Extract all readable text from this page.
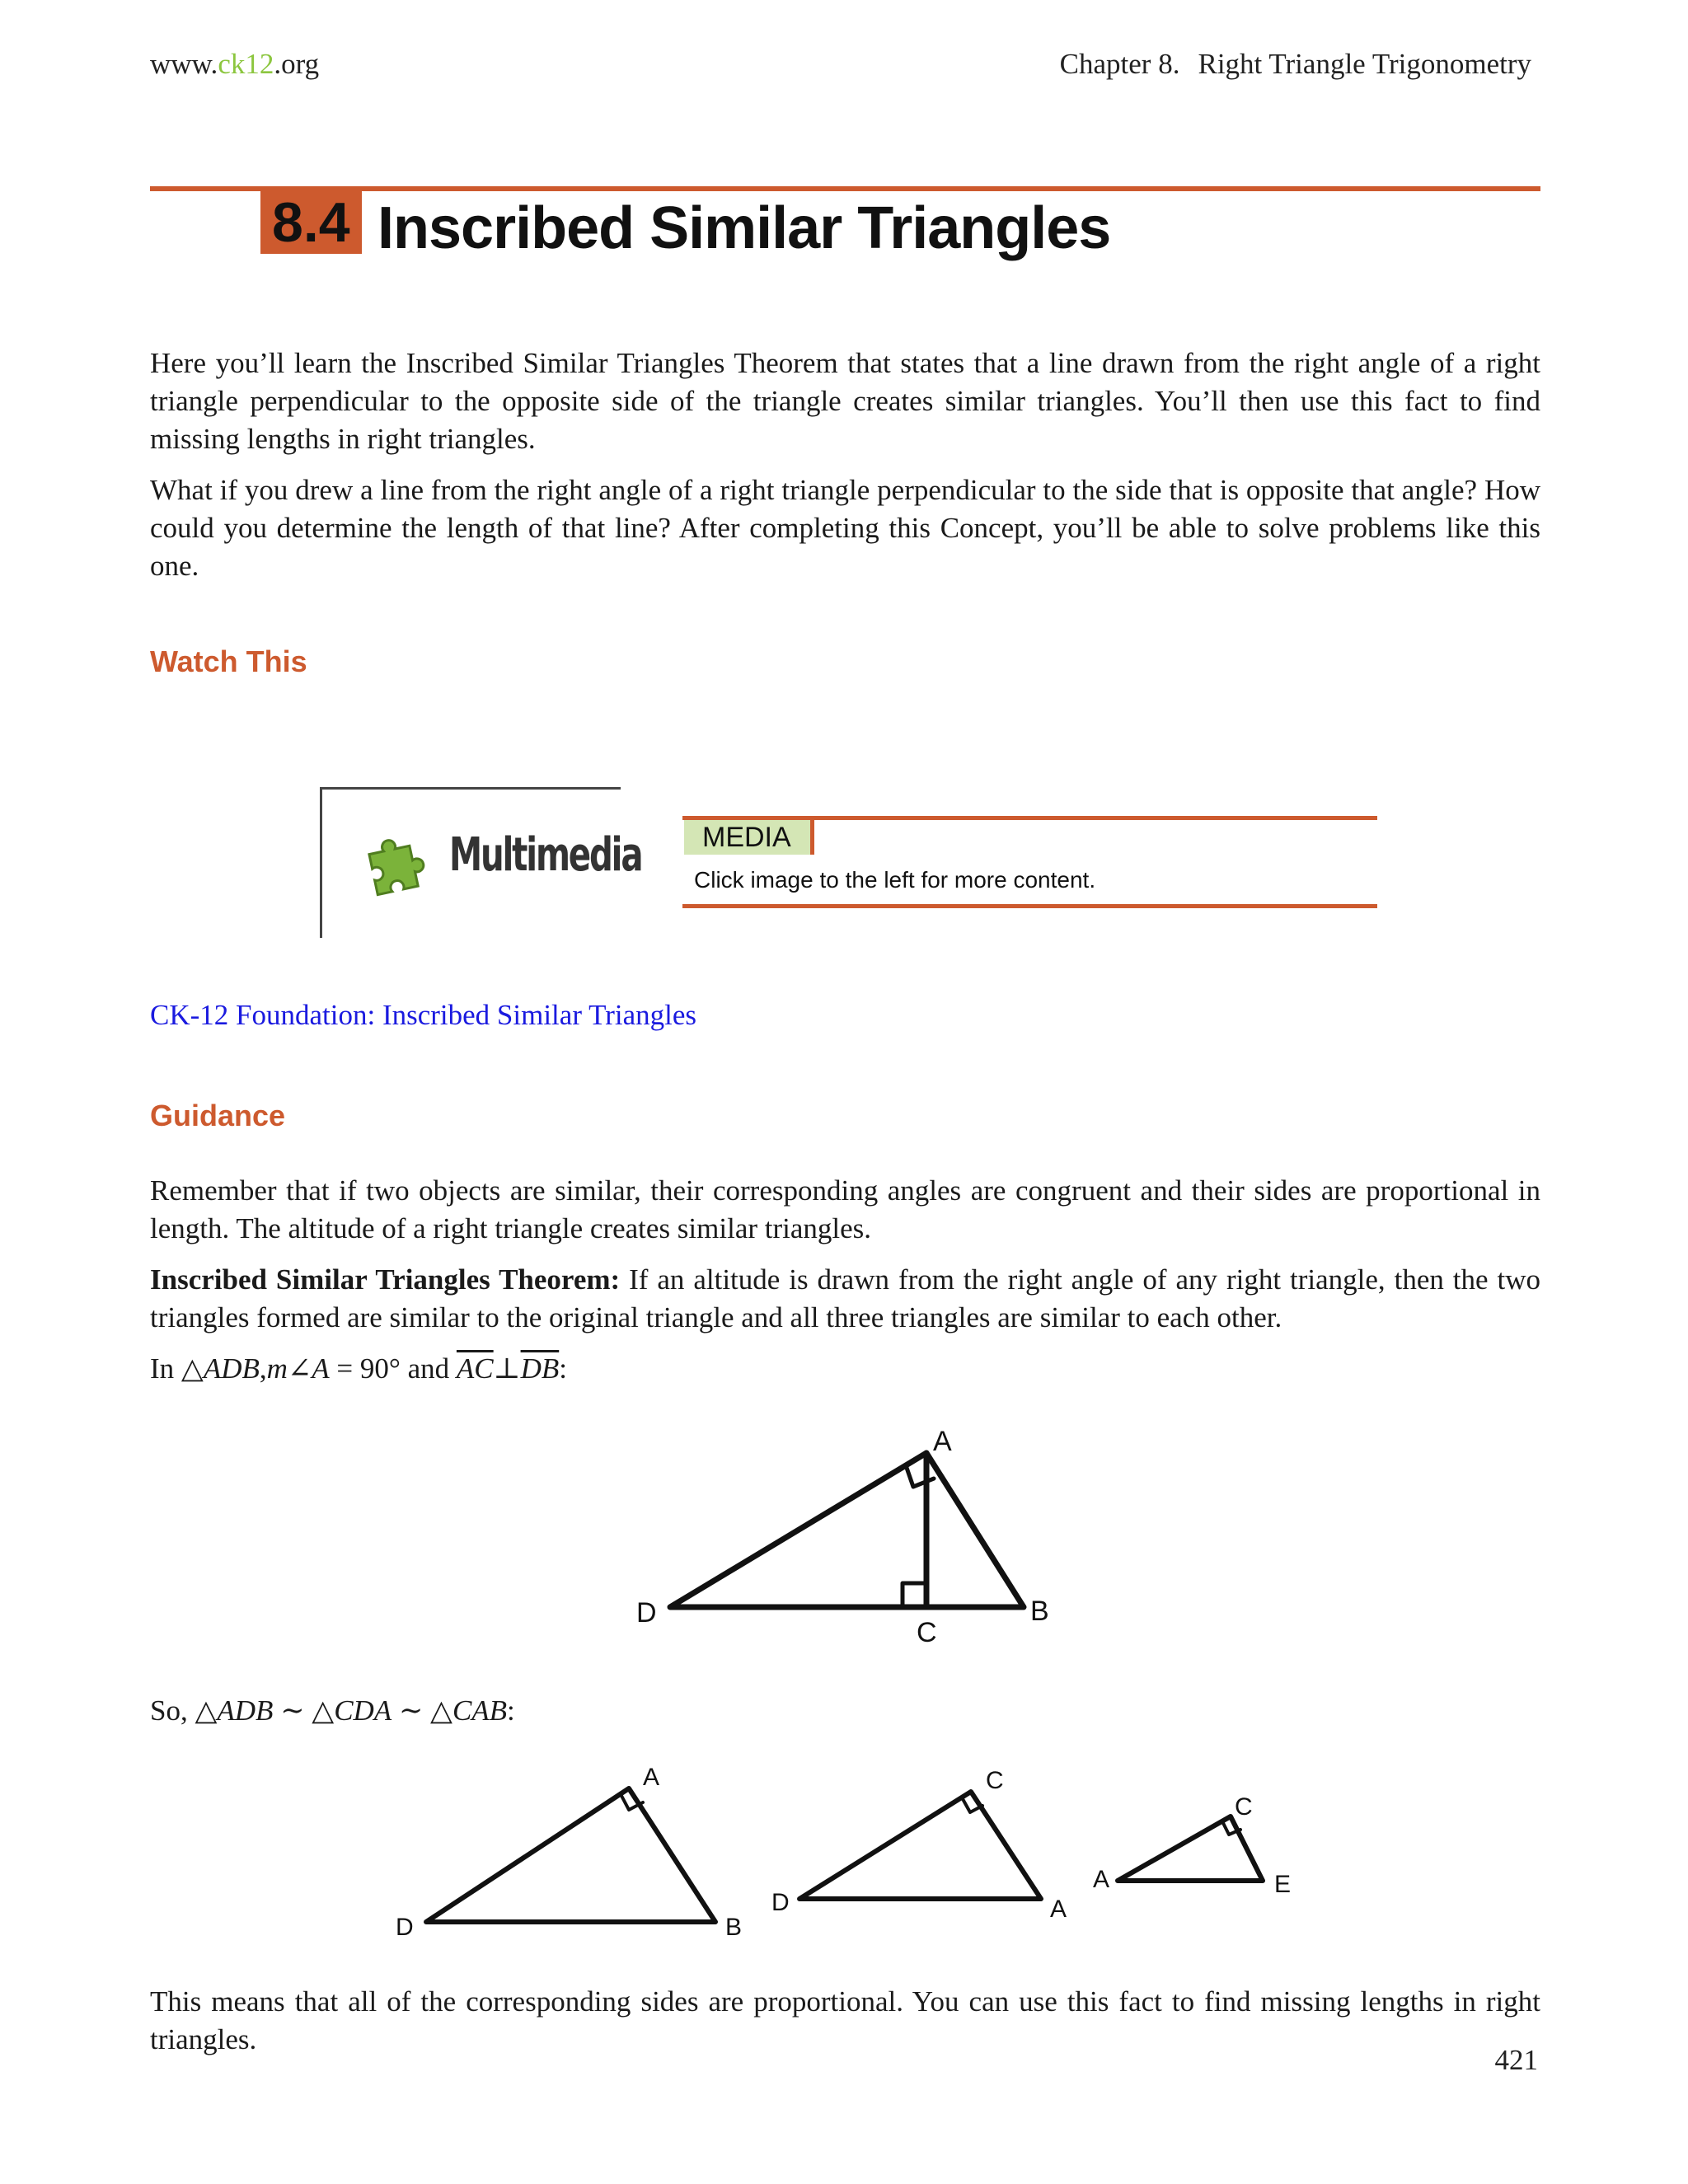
www.ck12.org	Chapter 8. Right Triangle Trigonometry
8.4 Inscribed Similar Triangles
Here you’ll learn the Inscribed Similar Triangles Theorem that states that a line drawn from the right angle of a right triangle perpendicular to the opposite side of the triangle creates similar triangles. You’ll then use this fact to find missing lengths in right triangles.
What if you drew a line from the right angle of a right triangle perpendicular to the side that is opposite that angle? How could you determine the length of that line? After completing this Concept, you’ll be able to solve problems like this one.
Watch This
Multimedia	MEDIA
Click image to the left for more content.
CK-12 Foundation: Inscribed Similar Triangles
Guidance
Remember that if two objects are similar, their corresponding angles are congruent and their sides are proportional in length. The altitude of a right triangle creates similar triangles.
Inscribed Similar Triangles Theorem: If an altitude is drawn from the right angle of any right triangle, then the two triangles formed are similar to the original triangle and all three triangles are similar to each other.
In △ADB,m∠A = 90° and $\overline{AC}\perp\overline{DB}$:
A
B
C
D
So, △ADB ∼ △CDA ∼ △CAB:
D
A
B
D
C
A
A
C
E
This means that all of the corresponding sides are proportional. You can use this fact to find missing lengths in right triangles.
421
